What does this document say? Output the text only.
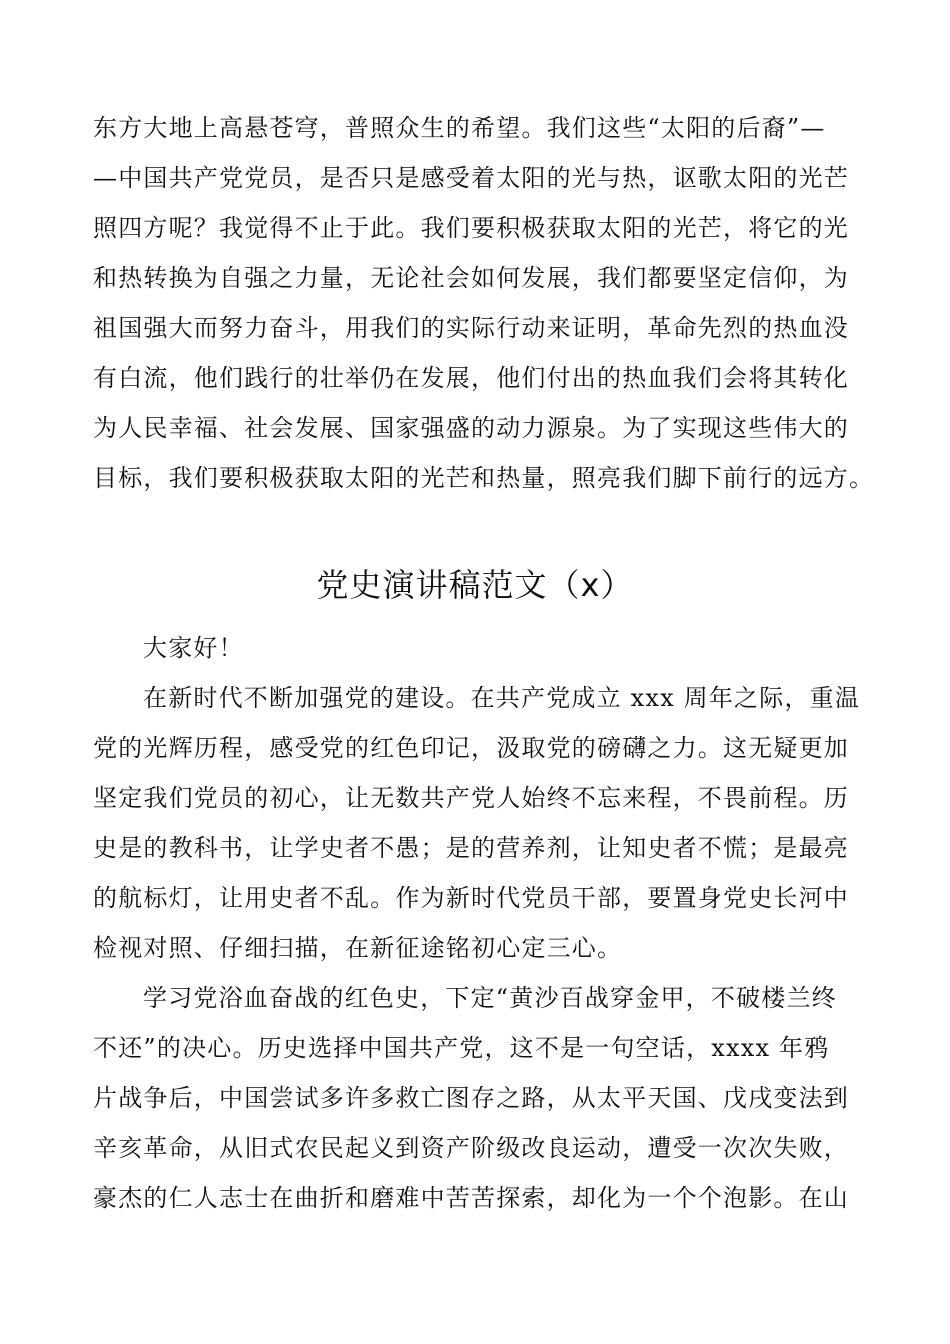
东方大地上高悬苍穹，普照众生的希望。我们这些“太阳的后裔”—
—中国共产党党员，是否只是感受着太阳的光与热，讴歌太阳的光芒
照四方呢？我觉得不止于此。我们要积极获取太阳的光芒，将它的光
和热转换为自强之力量，无论社会如何发展，我们都要坚定信仰，为
祖国强大而努力奋斗，用我们的实际行动来证明，革命先烈的热血没
有白流，他们践行的壮举仍在发展，他们付出的热血我们会将其转化
为人民幸福、社会发展、国家强盛的动力源泉。为了实现这些伟大的
目标，我们要积极获取太阳的光芒和热量，照亮我们脚下前行的远方。
党史演讲稿范文（x）
大家好！
在新时代不断加强党的建设。在共产党成立 xxx 周年之际，重温
党的光辉历程，感受党的红色印记，汲取党的磅礴之力。这无疑更加
坚定我们党员的初心，让无数共产党人始终不忘来程，不畏前程。历
史是的教科书，让学史者不愚；是的营养剂，让知史者不慌；是最亮
的航标灯，让用史者不乱。作为新时代党员干部，要置身党史长河中
检视对照、仔细扫描，在新征途铭初心定三心。
学习党浴血奋战的红色史，下定“黄沙百战穿金甲，不破楼兰终
不还”的决心。历史选择中国共产党，这不是一句空话，xxxx 年鸦
片战争后，中国尝试多许多救亡图存之路，从太平天国、戊戌变法到
辛亥革命，从旧式农民起义到资产阶级改良运动，遭受一次次失败，
豪杰的仁人志士在曲折和磨难中苦苦探索，却化为一个个泡影。在山
